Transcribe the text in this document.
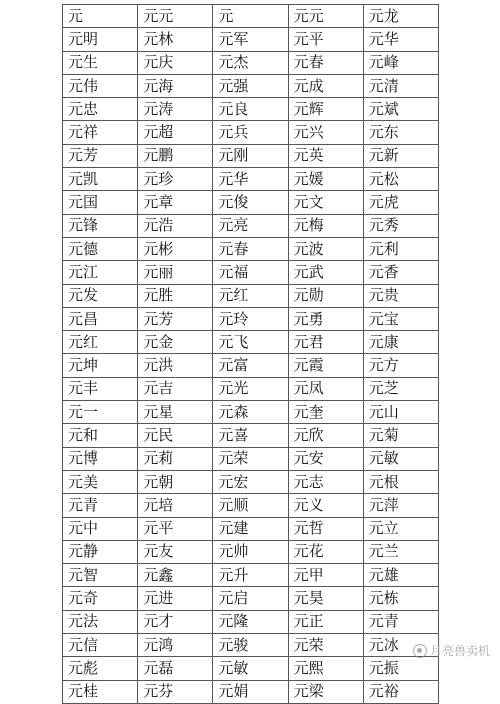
元	元元	元	元元	元龙
元明	元林	元军	元平	元华
元生	元庆	元杰	元春	元峰
元伟	元海	元强	元成	元清
元忠	元涛	元良	元辉	元斌
元祥	元超	元兵	元兴	元东
元芳	元鹏	元刚	元英	元新
元凯	元珍	元华	元媛	元松
元国	元章	元俊	元文	元虎
元锋	元浩	元亮	元梅	元秀
元德	元彬	元春	元波	元利
元江	元丽	元福	元武	元香
元发	元胜	元红	元勋	元贵
元昌	元芳	元玲	元勇	元宝
元红	元金	元飞	元君	元康
元坤	元洪	元富	元霞	元方
元丰	元吉	元光	元凤	元芝
元一	元星	元森	元奎	元山
元和	元民	元喜	元欣	元菊
元博	元莉	元荣	元安	元敏
元美	元朝	元宏	元志	元根
元青	元培	元顺	元义	元萍
元中	元平	元建	元哲	元立
元静	元友	元帅	元花	元兰
元智	元鑫	元升	元甲	元雄
元奇	元进	元启	元昊	元栋
元法	元才	元隆	元正	元青
元信	元鸿	元骏	元荣	元冰
元彪	元磊	元敏	元熙	元振
元桂	元芬	元娟	元梁	元裕
月亮兽卖机
